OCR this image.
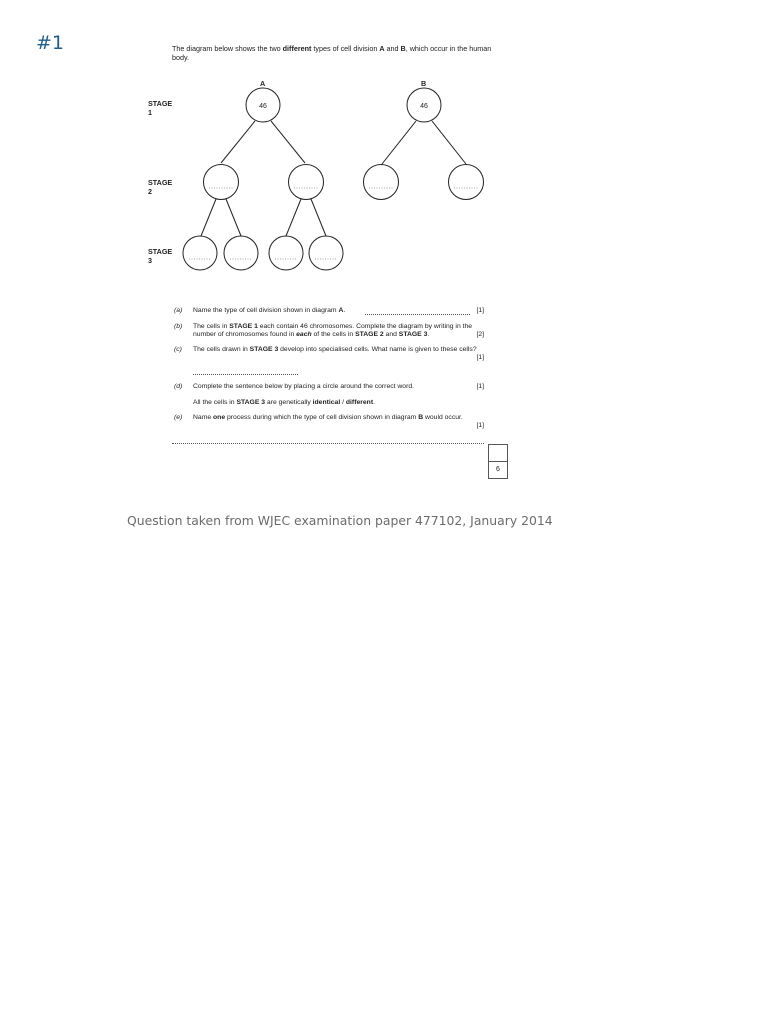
#1	The diagram below shows the two different types of cell division A and B, which occur in the human body.
STAGE 1
STAGE 2
STAGE 3
A	B
46	46
(a) Name the type of cell division shown in diagram A.	[1]
(b) The cells in STAGE 1 each contain 46 chromosomes. Complete the diagram by writing in the number of chromosomes found in each of the cells in STAGE 2 and STAGE 3.	[2]
(c) The cells drawn in STAGE 3 develop into specialised cells. What name is given to these cells?
[1]
(d) Complete the sentence below by placing a circle around the correct word.	[1]
All the cells in STAGE 3 are genetically identical / different.
(e) Name one process during which the type of cell division shown in diagram B would occur.
[1]
6
Question taken from WJEC examination paper 477102, January 2014
